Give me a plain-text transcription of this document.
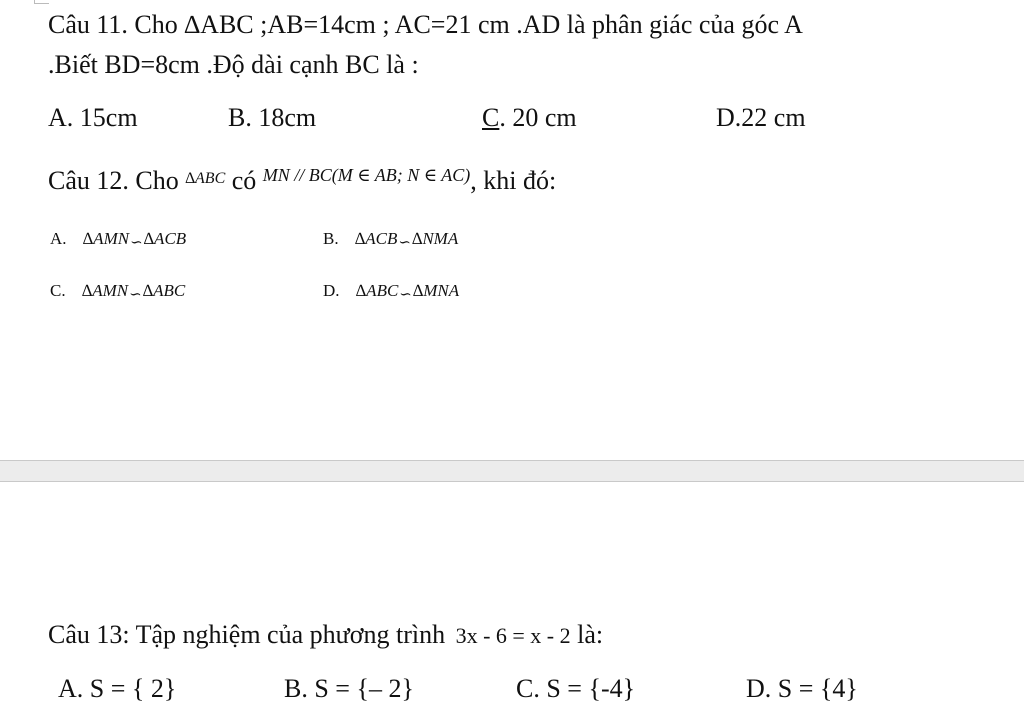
Câu 11. Cho ∆ABC ;AB=14cm ; AC=21 cm .AD là phân giác của góc A
.Biết BD=8cm .Độ dài cạnh BC là :
A. 15cm	B. 18cm	C. 20 cm	D.22 cm
Câu 12. Cho $^{\Delta ABC}$ có $^{MN // BC(M \in AB; N \in AC)}$, khi đó:
A. ∆AMN∽∆ACB	B. ∆ACB∽∆NMA
C. ∆AMN∽∆ABC	D. ∆ABC∽∆MNA
Câu 13: Tập nghiệm của phương trình 3x - 6 = x - 2 là:
A. S = { 2}	B. S = {– 2}	C. S = {-4}	D. S = {4}
